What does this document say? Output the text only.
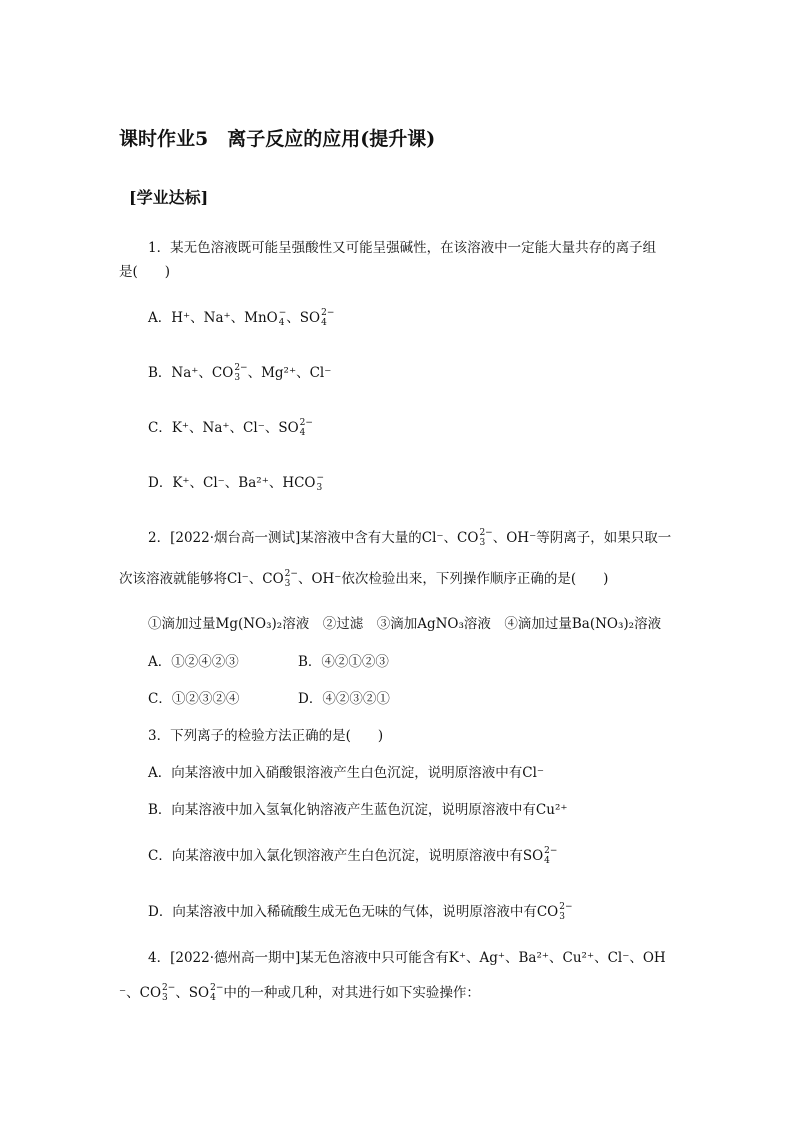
课时作业5　离子反应的应用(提升课)
[学业达标]
1．某无色溶液既可能呈强酸性又可能呈强碱性，在该溶液中一定能大量共存的离子组
是(　　)
A．H⁺、Na⁺、MnO −
4 、SO 2−
4
B．Na⁺、CO 2−
3 、Mg²⁺、Cl⁻
C．K⁺、Na⁺、Cl⁻、SO 2−
4
D．K⁺、Cl⁻、Ba²⁺、HCO −
3
2．[2022·烟台高一测试]某溶液中含有大量的Cl⁻、CO 2−
3 、OH⁻等阴离子，如果只取一
次该溶液就能够将Cl⁻、CO 2−
3 、OH⁻依次检验出来，下列操作顺序正确的是(　　)
①滴加过量Mg(NO₃)₂溶液　②过滤　③滴加AgNO₃溶液　④滴加过量Ba(NO₃)₂溶液
A．①②④②③	B．④②①②③
C．①②③②④	D．④②③②①
3．下列离子的检验方法正确的是(　　)
A．向某溶液中加入硝酸银溶液产生白色沉淀，说明原溶液中有Cl⁻
B．向某溶液中加入氢氧化钠溶液产生蓝色沉淀，说明原溶液中有Cu²⁺
C．向某溶液中加入氯化钡溶液产生白色沉淀，说明原溶液中有SO 2−
4
D．向某溶液中加入稀硫酸生成无色无味的气体，说明原溶液中有CO 2−
3
4．[2022·德州高一期中]某无色溶液中只可能含有K⁺、Ag⁺、Ba²⁺、Cu²⁺、Cl⁻、OH
⁻、CO 2−
3 、SO 2−
4 中的一种或几种，对其进行如下实验操作：
